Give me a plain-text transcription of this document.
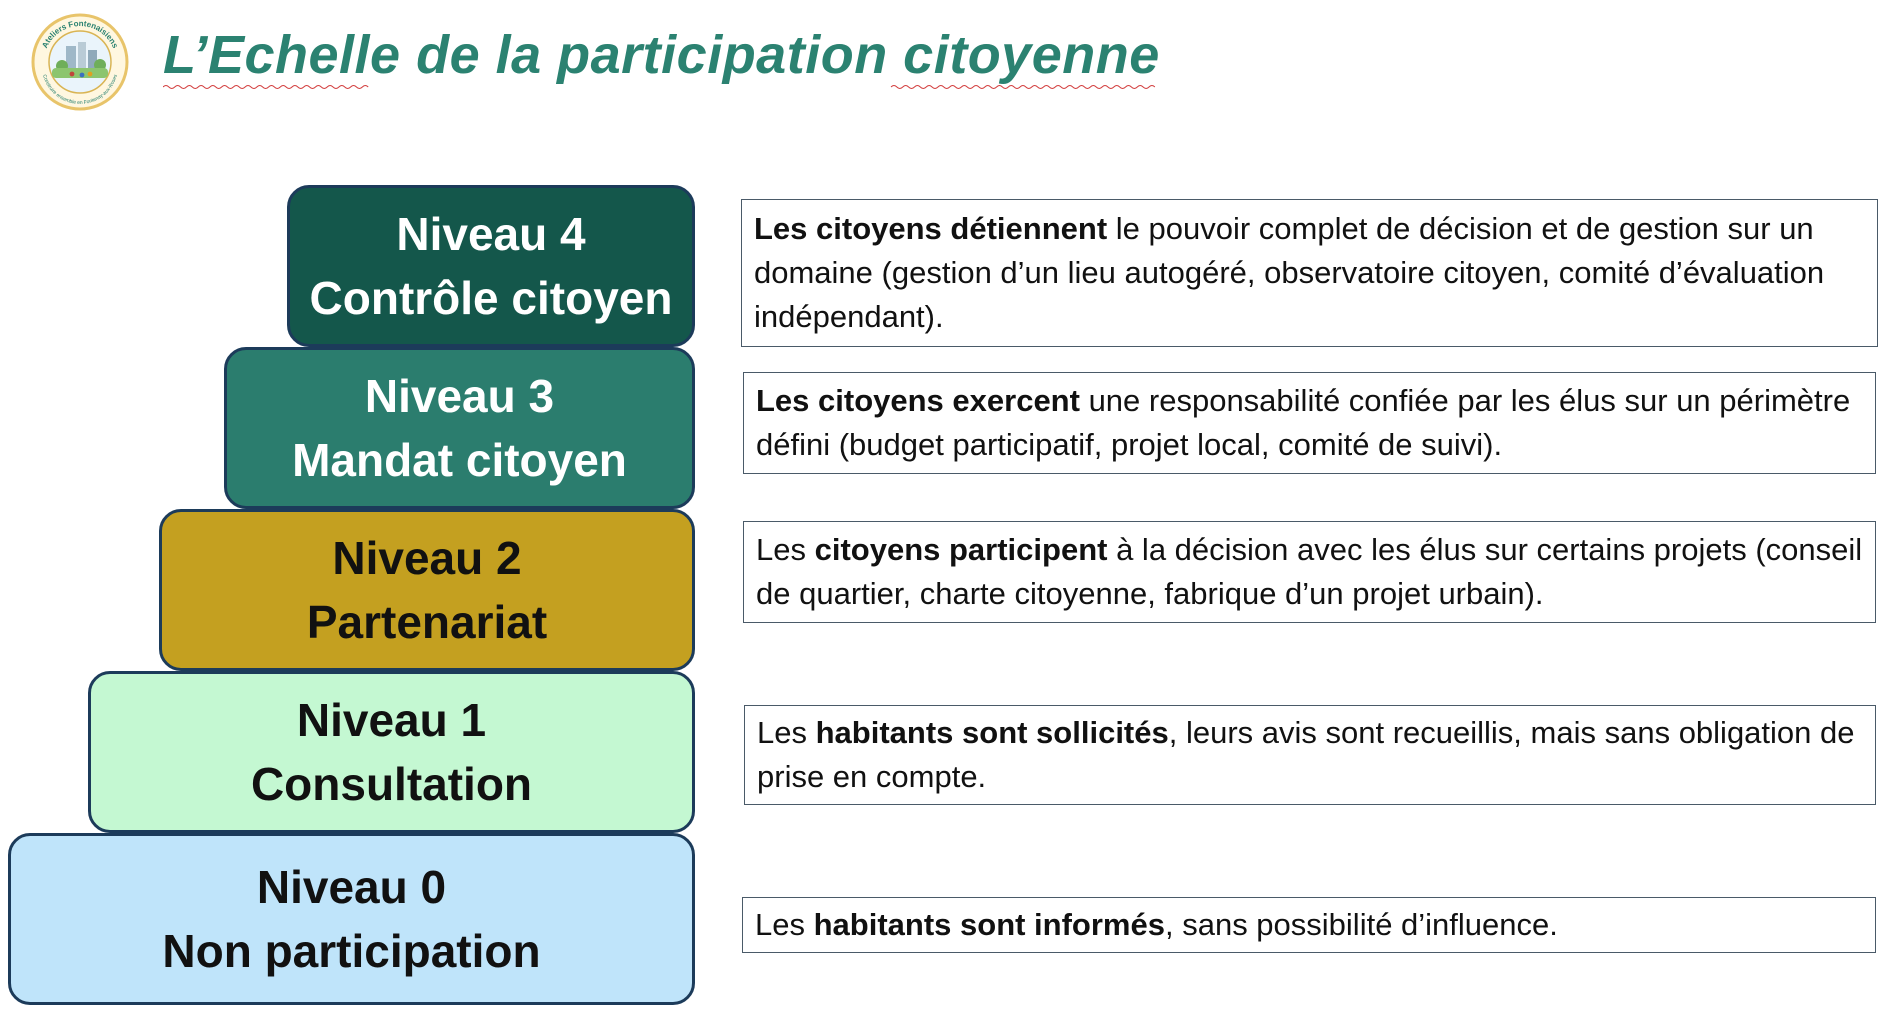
Ateliers Fontenaisiens
Construire ensemble en Fontenay-aux-Roses L’Echelle de la participation citoyenne
Niveau 4
Contrôle citoyen
Niveau 3
Mandat citoyen
Niveau 2
Partenariat
Niveau 1
Consultation
Niveau 0
Non participation

Les citoyens détiennent le pouvoir complet de décision et de gestion sur un domaine (gestion d’un lieu autogéré, observatoire citoyen, comité d’évaluation indépendant).

Les citoyens exercent une responsabilité confiée par les élus sur un périmètre défini (budget participatif, projet local, comité de suivi).

Les citoyens participent à la décision avec les élus sur certains projets (conseil de quartier, charte citoyenne, fabrique d’un projet urbain).

Les habitants sont sollicités, leurs avis sont recueillis, mais sans obligation de prise en compte.

Les habitants sont informés, sans possibilité d’influence.
